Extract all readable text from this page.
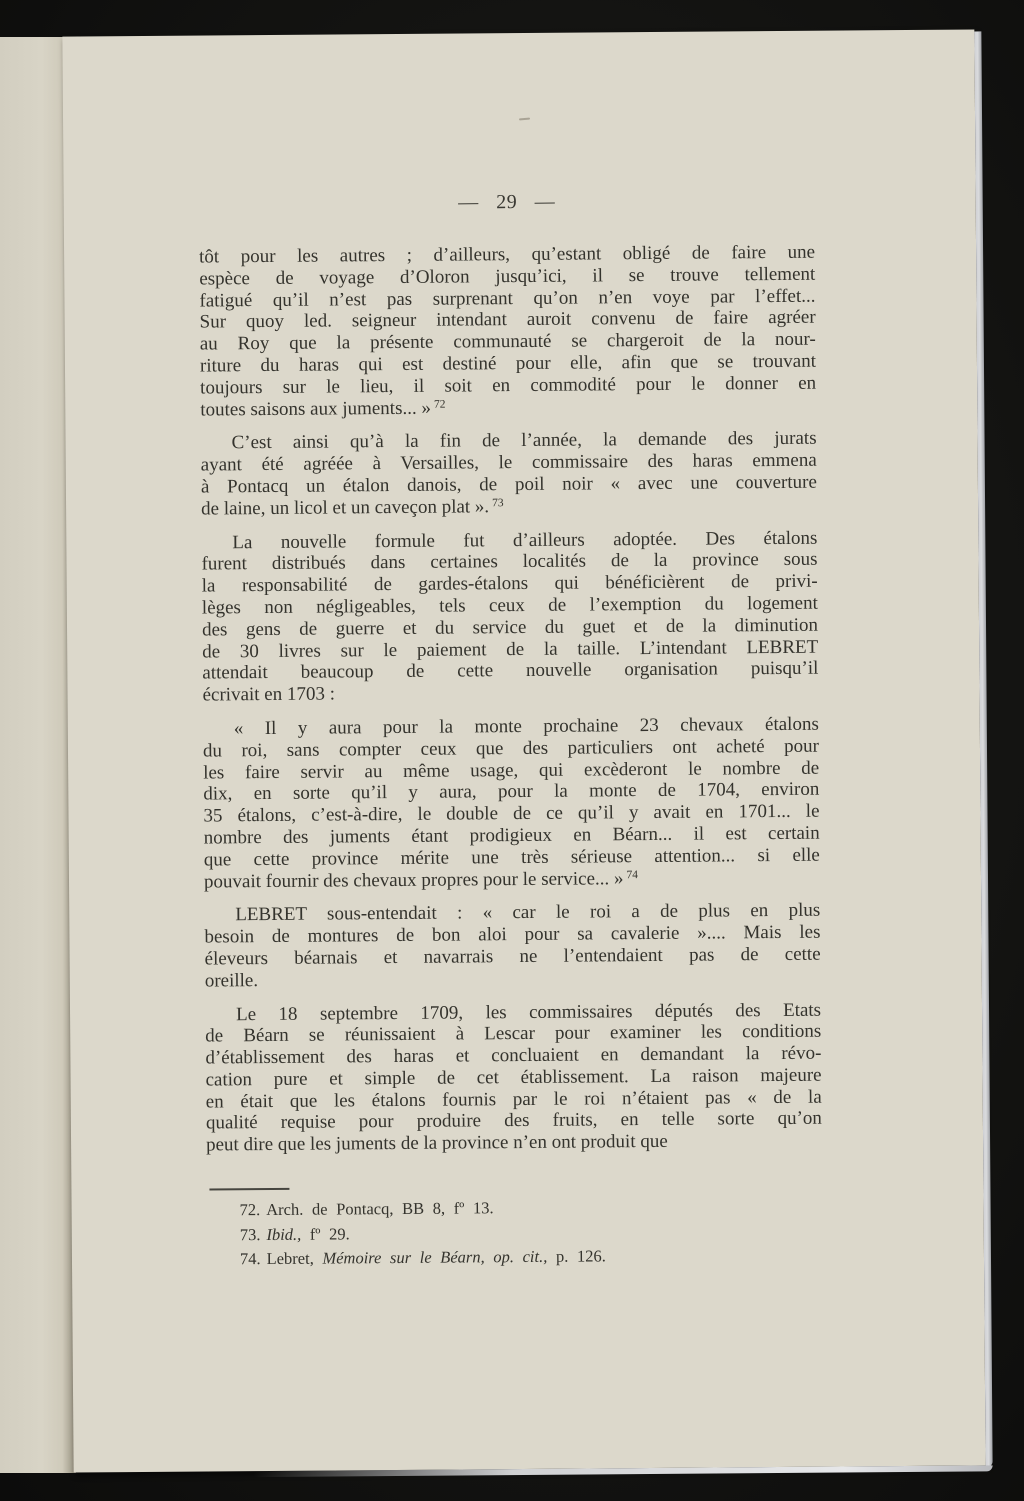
— 29 —
tôt pour les autres ; d’ailleurs, qu’estant obligé de faire une
espèce de voyage d’Oloron jusqu’ici, il se trouve tellement
fatigué qu’il n’est pas surprenant qu’on n’en voye par l’effet...
Sur quoy led. seigneur intendant auroit convenu de faire agréer
au Roy que la présente communauté se chargeroit de la nour-
riture du haras qui est destiné pour elle, afin que se trouvant
toujours sur le lieu, il soit en commodité pour le donner en
toutes saisons aux juments... » $^{72}$
C’est ainsi qu’à la fin de l’année, la demande des jurats
ayant été agréée à Versailles, le commissaire des haras emmena
à Pontacq un étalon danois, de poil noir « avec une couverture
de laine, un licol et un caveçon plat ». $^{73}$
La nouvelle formule fut d’ailleurs adoptée. Des étalons
furent distribués dans certaines localités de la province sous
la responsabilité de gardes-étalons qui bénéficièrent de privi-
lèges non négligeables, tels ceux de l’exemption du logement
des gens de guerre et du service du guet et de la diminution
de 30 livres sur le paiement de la taille. L’intendant LEBRET
attendait beaucoup de cette nouvelle organisation puisqu’il
écrivait en 1703 :
« Il y aura pour la monte prochaine 23 chevaux étalons
du roi, sans compter ceux que des particuliers ont acheté pour
les faire servir au même usage, qui excèderont le nombre de
dix, en sorte qu’il y aura, pour la monte de 1704, environ
35 étalons, c’est-à-dire, le double de ce qu’il y avait en 1701... le
nombre des juments étant prodigieux en Béarn... il est certain
que cette province mérite une très sérieuse attention... si elle
pouvait fournir des chevaux propres pour le service... » $^{74}$
LEBRET sous-entendait : « car le roi a de plus en plus
besoin de montures de bon aloi pour sa cavalerie ».... Mais les
éleveurs béarnais et navarrais ne l’entendaient pas de cette
oreille.
Le 18 septembre 1709, les commissaires députés des Etats
de Béarn se réunissaient à Lescar pour examiner les conditions
d’établissement des haras et concluaient en demandant la révo-
cation pure et simple de cet établissement. La raison majeure
en était que les étalons fournis par le roi n’étaient pas « de la
qualité requise pour produire des fruits, en telle sorte qu’on
peut dire que les juments de la province n’en ont produit que
72. Arch. de Pontacq, BB 8, fº 13.
73. Ibid., fº 29.
74. Lebret, Mémoire sur le Béarn, op. cit., p. 126.
